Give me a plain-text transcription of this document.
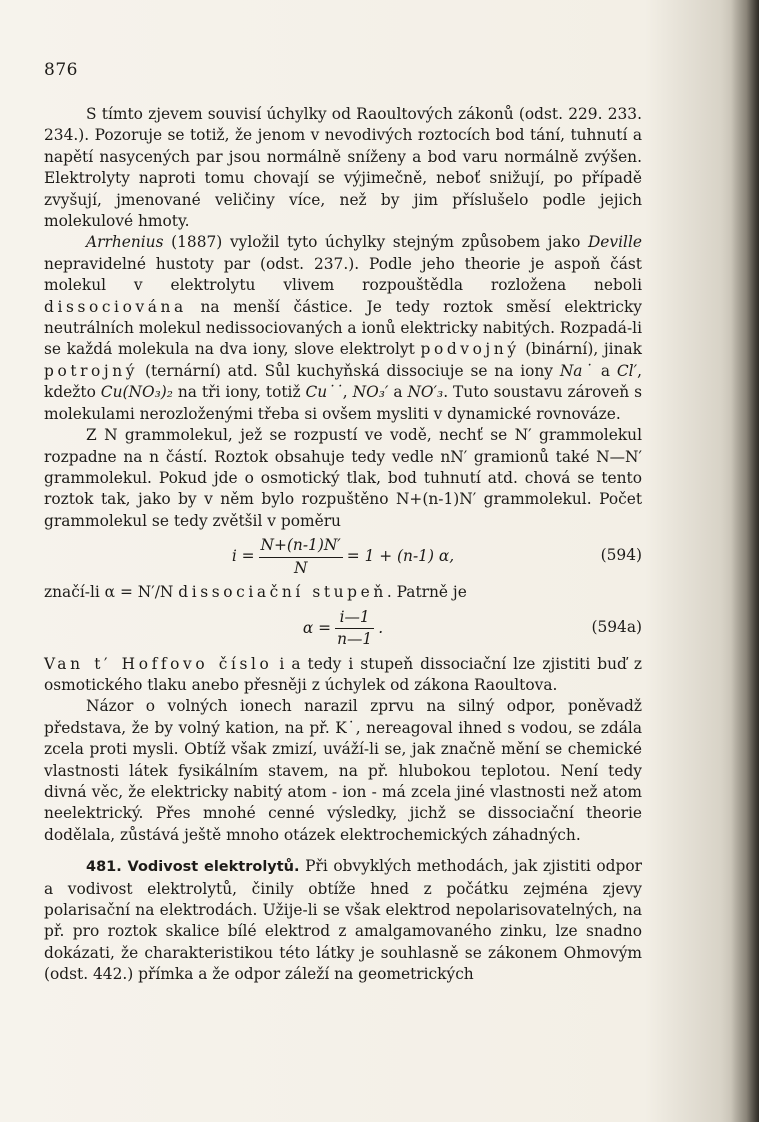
876

S tímto zjevem souvisí úchylky od Raoultových zákonů (odst. 229. 233. 234.). Pozoruje se totiž, že jenom v nevodivých roztocích bod tání, tuhnutí a napětí nasycených par jsou normálně sníženy a bod varu normálně zvýšen. Elektrolyty naproti tomu chovají se výjimečně, neboť snižují, po případě zvyšují, jmenované veličiny více, než by jim příslušelo podle jejich molekulové hmoty.

Arrhenius (1887) vyložil tyto úchylky stejným způsobem jako Deville nepravidelné hustoty par (odst. 237.). Podle jeho theorie je aspoň část molekul v elektrolytu vlivem rozpouštědla rozložena neboli dissociována na menší částice. Je tedy roztok směsí elektricky neutrálních molekul nedissociovaných a ionů elektricky nabitých. Rozpadá-li se každá molekula na dva iony, slove elektrolyt podvojný (binární), jinak potrojný (ternární) atd. Sůl kuchyňská dissociuje se na iony Na˙ a Cl′, kdežto Cu(NO₃)₂ na tři iony, totiž Cu˙˙, NO₃′ a NO′₃. Tuto soustavu zároveň s molekulami nerozloženými třeba si ovšem mysliti v dynamické rovnováze.

Z N grammolekul, jež se rozpustí ve vodě, nechť se N′ grammolekul rozpadne na n částí. Roztok obsahuje tedy vedle nN′ gramionů také N—N′ grammolekul. Pokud jde o osmotický tlak, bod tuhnutí atd. chová se tento roztok tak, jako by v něm bylo rozpuštěno N+(n-1)N′ grammolekul. Počet grammolekul se tedy zvětšil v poměru

$i = \frac{N+(n-1)N'}{N} = 1 + (n-1)$ α,	(594)

značí-li α = N′/N dissociační stupeň. Patrně je

$\alpha = \frac{i—1}{n—1}$ .	(594a)

Van t′ Hoffovo číslo i a tedy i stupeň dissociační lze zjistiti buď z osmotického tlaku anebo přesněji z úchylek od zákona Raoultova.

Názor o volných ionech narazil zprvu na silný odpor, poněvadž představa, že by volný kation, na př. K˙, nereagoval ihned s vodou, se zdála zcela proti mysli. Obtíž však zmizí, uváží-li se, jak značně mění se chemické vlastnosti látek fysikálním stavem, na př. hlubokou teplotou. Není tedy divná věc, že elektricky nabitý atom - ion - má zcela jiné vlastnosti než atom neelektrický. Přes mnohé cenné výsledky, jichž se dissociační theorie dodělala, zůstává ještě mnoho otázek elektrochemických záhadných.

481. Vodivost elektrolytů. Při obvyklých methodách, jak zjistiti odpor a vodivost elektrolytů, činily obtíže hned z počátku zejména zjevy polarisační na elektrodách. Užije-li se však elektrod nepolarisovatelných, na př. pro roztok skalice bílé elektrod z amalgamovaného zinku, lze snadno dokázati, že charakteristikou této látky je souhlasně se zákonem Ohmovým (odst. 442.) přímka a že odpor záleží na geometrických
